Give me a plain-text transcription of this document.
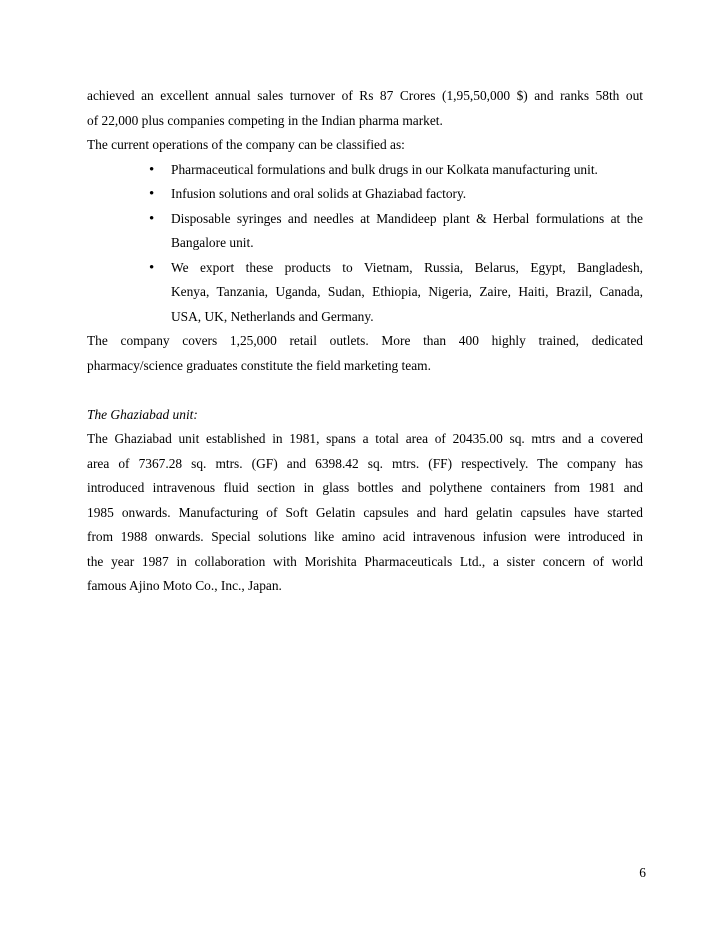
achieved an excellent annual sales turnover of Rs 87 Crores (1,95,50,000 $) and ranks 58th out
of 22,000 plus companies competing in the Indian pharma market.
The current operations of the company can be classified as:
• Pharmaceutical formulations and bulk drugs in our Kolkata manufacturing unit.
• Infusion solutions and oral solids at Ghaziabad factory.
• Disposable syringes and needles at Mandideep plant & Herbal formulations at the
Bangalore unit.
• We export these products to Vietnam, Russia, Belarus, Egypt, Bangladesh,
Kenya, Tanzania, Uganda, Sudan, Ethiopia, Nigeria, Zaire, Haiti, Brazil, Canada,
USA, UK, Netherlands and Germany.
The company covers 1,25,000 retail outlets. More than 400 highly trained, dedicated
pharmacy/science graduates constitute the field marketing team.
The Ghaziabad unit:
The Ghaziabad unit established in 1981, spans a total area of 20435.00 sq. mtrs and a covered
area of 7367.28 sq. mtrs. (GF) and 6398.42 sq. mtrs. (FF) respectively. The company has
introduced intravenous fluid section in glass bottles and polythene containers from 1981 and
1985 onwards. Manufacturing of Soft Gelatin capsules and hard gelatin capsules have started
from 1988 onwards. Special solutions like amino acid intravenous infusion were introduced in
the year 1987 in collaboration with Morishita Pharmaceuticals Ltd., a sister concern of world
famous Ajino Moto Co., Inc., Japan.
6
